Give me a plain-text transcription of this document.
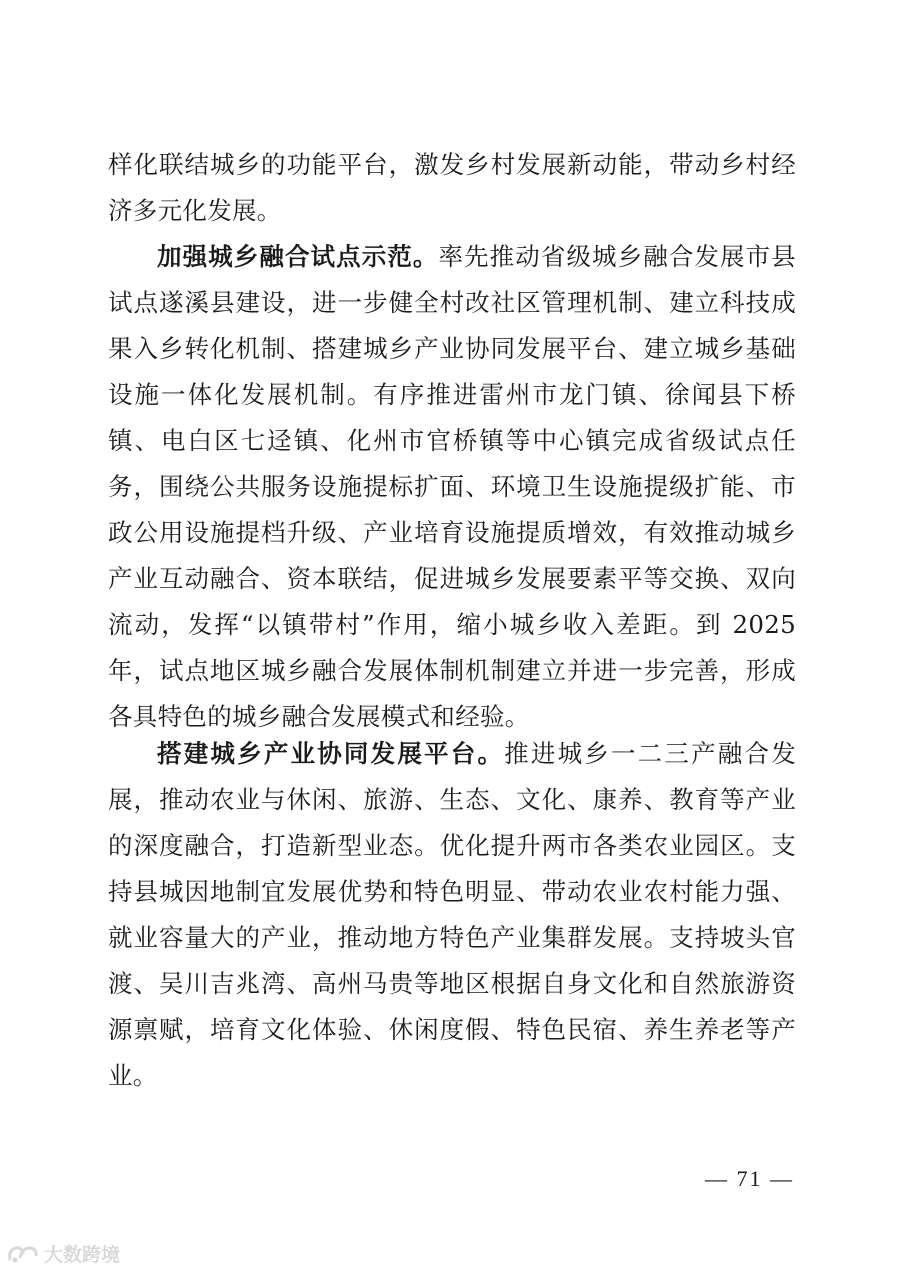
样化联结城乡的功能平台，激发乡村发展新动能，带动乡村经济多元化发展。

加强城乡融合试点示范。率先推动省级城乡融合发展市县试点遂溪县建设，进一步健全村改社区管理机制、建立科技成果入乡转化机制、搭建城乡产业协同发展平台、建立城乡基础设施一体化发展机制。有序推进雷州市龙门镇、徐闻县下桥镇、电白区七迳镇、化州市官桥镇等中心镇完成省级试点任务，围绕公共服务设施提标扩面、环境卫生设施提级扩能、市政公用设施提档升级、产业培育设施提质增效，有效推动城乡产业互动融合、资本联结，促进城乡发展要素平等交换、双向流动，发挥“以镇带村”作用，缩小城乡收入差距。到 2025 年，试点地区城乡融合发展体制机制建立并进一步完善，形成各具特色的城乡融合发展模式和经验。

搭建城乡产业协同发展平台。推进城乡一二三产融合发展，推动农业与休闲、旅游、生态、文化、康养、教育等产业的深度融合，打造新型业态。优化提升两市各类农业园区。支持县城因地制宜发展优势和特色明显、带动农业农村能力强、就业容量大的产业，推动地方特色产业集群发展。支持坡头官渡、吴川吉兆湾、高州马贵等地区根据自身文化和自然旅游资源禀赋，培育文化体验、休闲度假、特色民宿、养生养老等产业。

— 71 —
大数跨境
